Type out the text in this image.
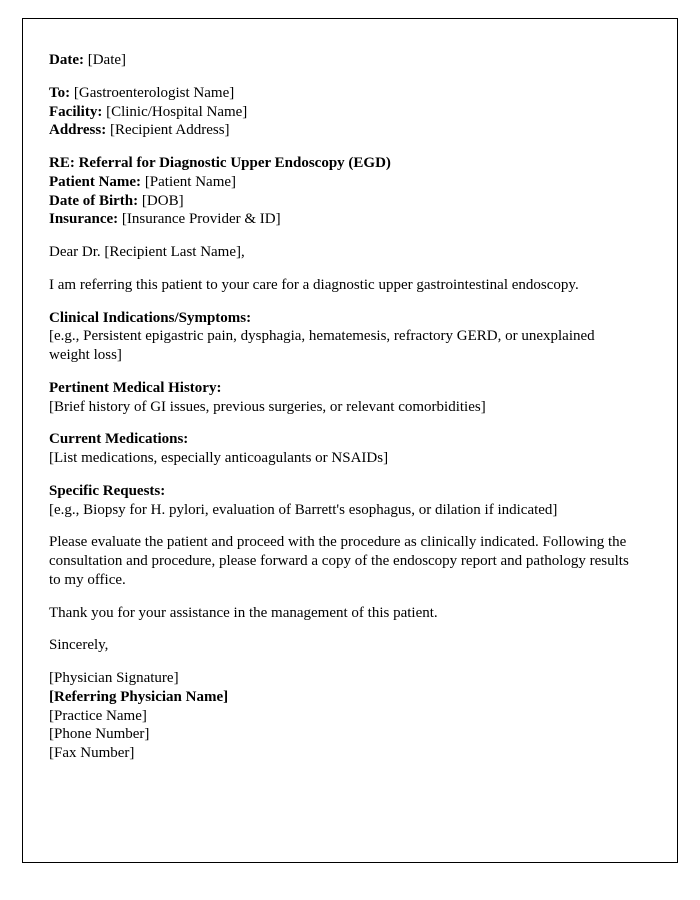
Date: [Date]

To: [Gastroenterologist Name]

Facility: [Clinic/Hospital Name]

Address: [Recipient Address]

RE: Referral for Diagnostic Upper Endoscopy (EGD)

Patient Name: [Patient Name]

Date of Birth: [DOB]

Insurance: [Insurance Provider & ID]

Dear Dr. [Recipient Last Name],

I am referring this patient to your care for a diagnostic upper gastrointestinal endoscopy.

Clinical Indications/Symptoms:

[e.g., Persistent epigastric pain, dysphagia, hematemesis, refractory GERD, or unexplained weight loss]

Pertinent Medical History:

[Brief history of GI issues, previous surgeries, or relevant comorbidities]

Current Medications:

[List medications, especially anticoagulants or NSAIDs]

Specific Requests:

[e.g., Biopsy for H. pylori, evaluation of Barrett's esophagus, or dilation if indicated]

Please evaluate the patient and proceed with the procedure as clinically indicated. Following the consultation and procedure, please forward a copy of the endoscopy report and pathology results to my office.

Thank you for your assistance in the management of this patient.

Sincerely,

[Physician Signature]

[Referring Physician Name]

[Practice Name]

[Phone Number]

[Fax Number]
